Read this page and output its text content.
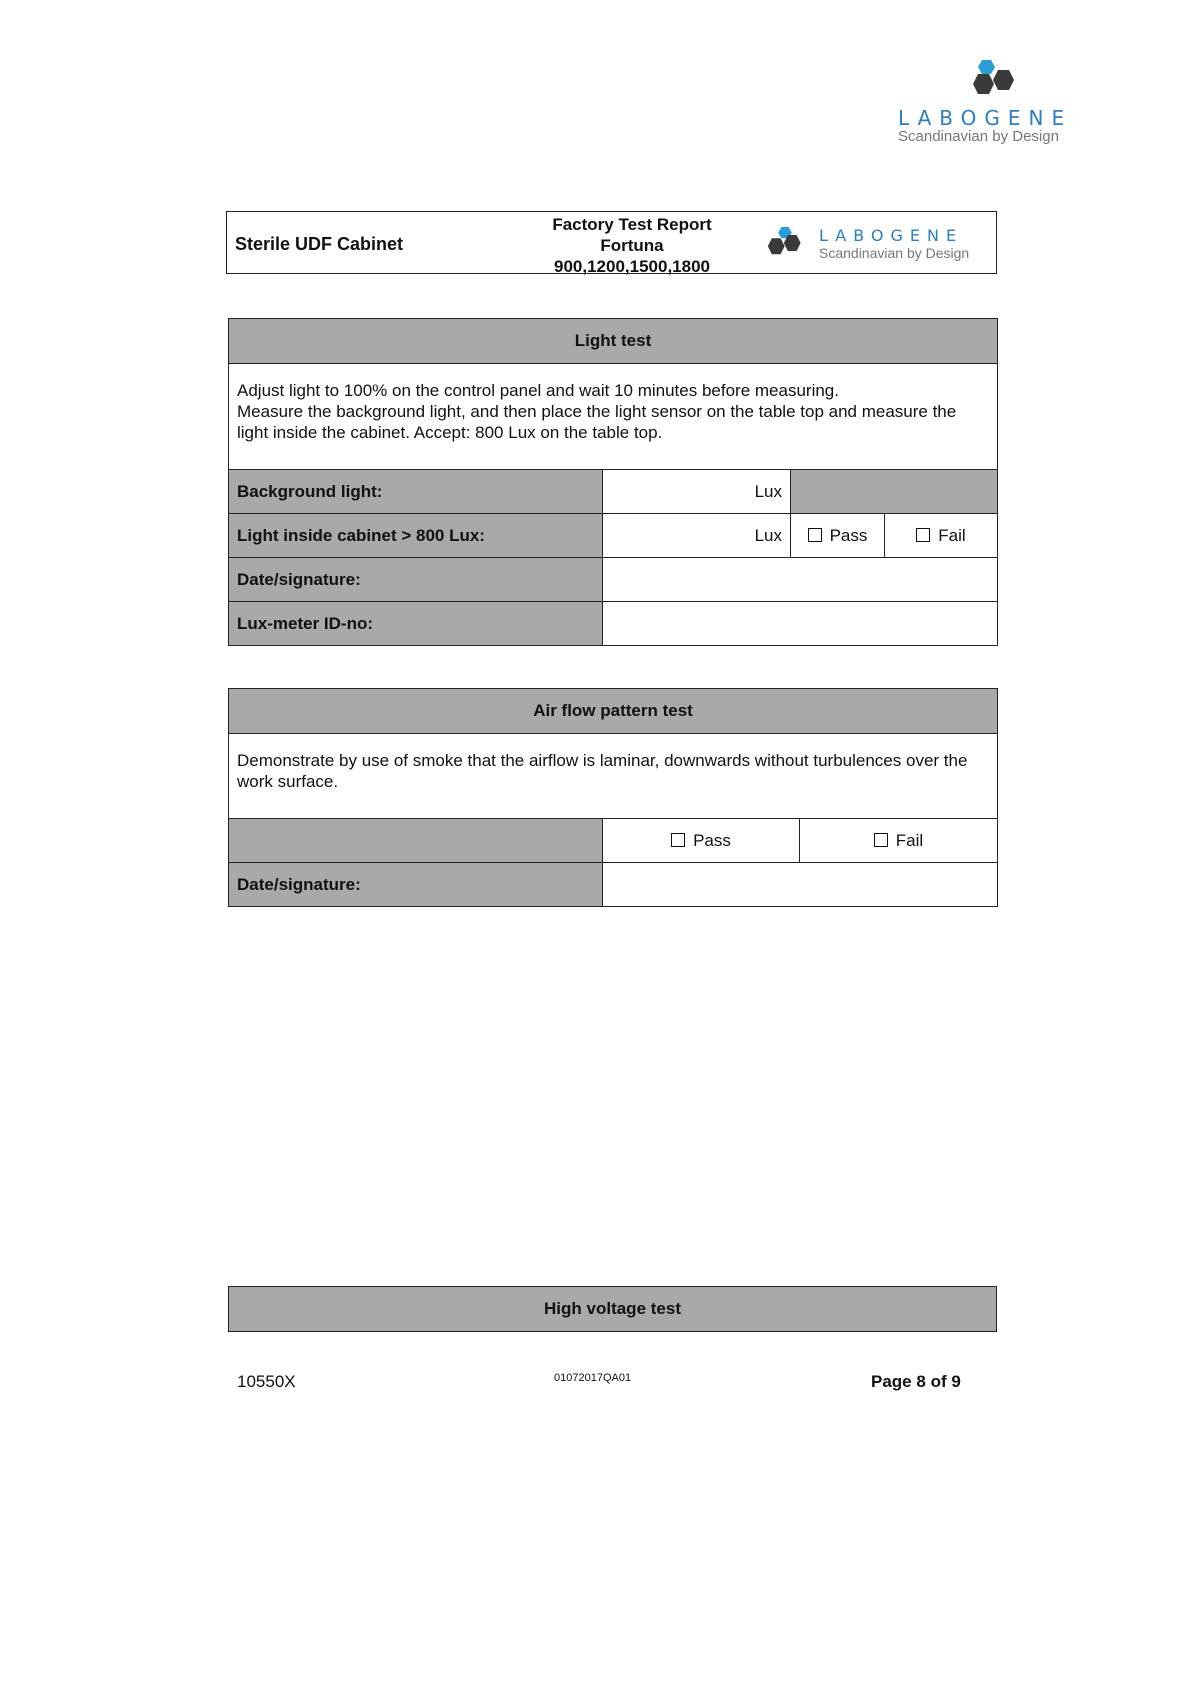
LABOGENE
Scandinavian by Design
Sterile UDF Cabinet
Factory Test Report
Fortuna
900,1200,1500,1800
LABOGENE
Scandinavian by Design
Light test			

Adjust light to 100% on the control panel and wait 10 minutes before measuring.
Measure the background light, and then place the light sensor on the table top and measure the light inside the cabinet. Accept: 800 Lux on the table top.			

Background light:	Lux		
Light inside cabinet > 800 Lux:	Lux	Pass	Fail
Date/signature:			
Lux-meter ID-no:			
Air flow pattern test		
Demonstrate by use of smoke that the airflow is laminar, downwards without turbulences over the work surface.		
	Pass	Fail
Date/signature:		
High voltage test
10550X	01072017QA01	Page 8 of 9
